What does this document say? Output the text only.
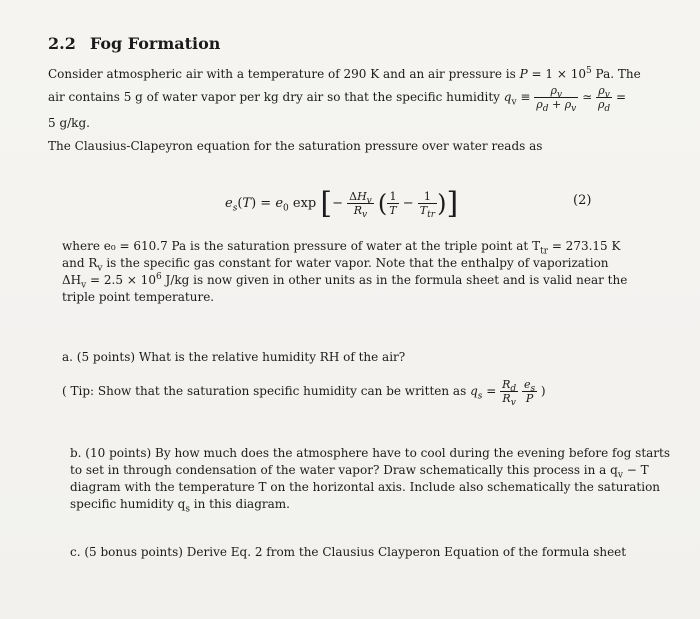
2.2 Fog Formation
Consider atmospheric air with a temperature of 290 K and an air pressure is $P = 1 \times 10^5$ Pa. The
air contains 5 g of water vapor per kg dry air so that the specific humidity $q_v \equiv \frac{\rho_v}{\rho_d + \rho_v}$ ≃ $\frac{\rho_v}{\rho_d}$ =
5 g/kg.
The Clausius-Clapeyron equation for the saturation pressure over water reads as
$e_s(T) = e_0$ exp [− $\frac{\Delta H_v}{R_v}$ ( $\frac{1}{T} - \frac{1}{T_{tr}}$ )]	(2)
where e₀ = 610.7 Pa is the saturation pressure of water at the triple point at $T_{tr} = 273.15$ K
and $R_v$ is the specific gas constant for water vapor. Note that the enthalpy of vaporization
$\Delta H_v = 2.5 \times 10^6$ J/kg is now given in other units as in the formula sheet and is valid near the
triple point temperature.
a. (5 points) What is the relative humidity RH of the air?
( Tip: Show that the saturation specific humidity can be written as $q_s = \frac{R_d}{R_v}$
$\frac{e_s}{P}$ )
b. (10 points) By how much does the atmosphere have to cool during the evening before fog starts
to set in through condensation of the water vapor? Draw schematically this process in a $q_v - T$
diagram with the temperature T on the horizontal axis. Include also schematically the saturation
specific humidity $q_s$ in this diagram.
c. (5 bonus points) Derive Eq. 2 from the Clausius Clayperon Equation of the formula sheet
